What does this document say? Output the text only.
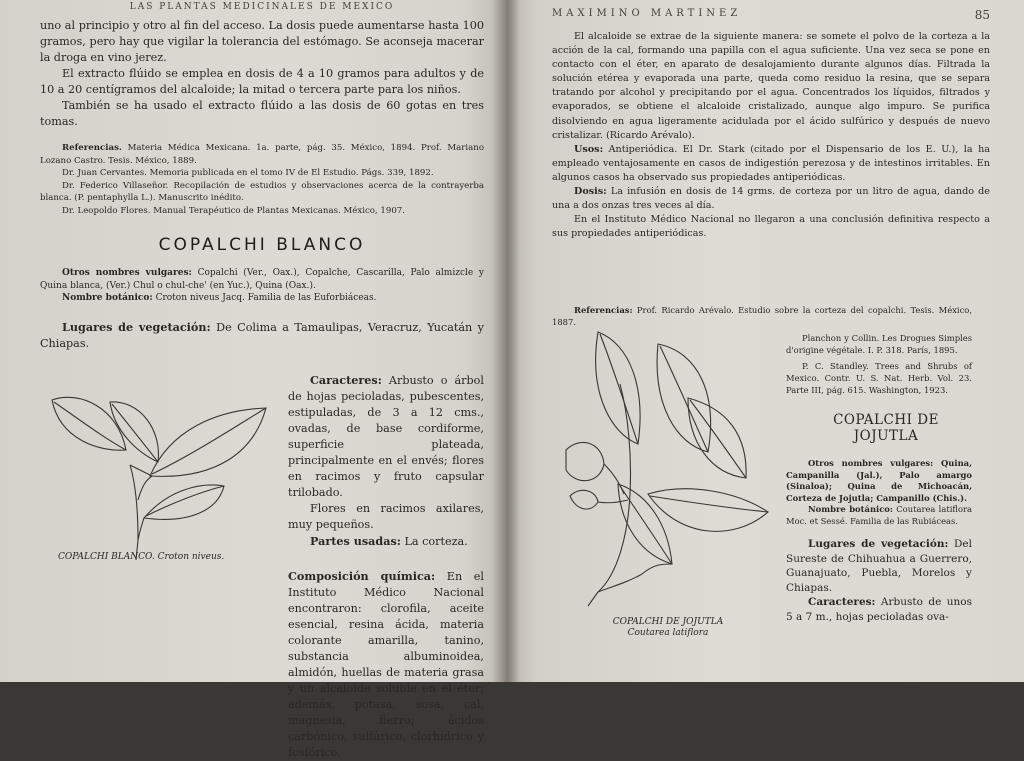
LAS PLANTAS MEDICINALES DE MEXICO

uno al principio y otro al fin del acceso. La dosis puede aumentarse hasta 100 gramos, pero hay que vigilar la tolerancia del estómago. Se aconseja macerar la droga en vino jerez.

El extracto flúido se emplea en dosis de 4 a 10 gramos para adultos y de 10 a 20 centígramos del alcaloide; la mitad o tercera parte para los niños.

También se ha usado el extracto flúido a las dosis de 60 gotas en tres tomas.

Referencias. Materia Médica Mexicana. 1a. parte, pág. 35. México, 1894. Prof. Mariano Lozano Castro. Tesis. México, 1889.

Dr. Juan Cervantes. Memoria publicada en el tomo IV de El Estudio. Págs. 339, 1892.

Dr. Federico Villaseñor. Recopilación de estudios y observaciones acerca de la contrayerba blanca. (P. pentaphylla L.). Manuscrito inédito.

Dr. Leopoldo Flores. Manual Terapéutico de Plantas Mexicanas. México, 1907.

COPALCHI BLANCO

Otros nombres vulgares: Copalchi (Ver., Oax.), Copalche, Cascarilla, Palo almizcle y Quina blanca, (Ver.) Chul o chul-che' (en Yuc.), Quina (Oax.).

Nombre botánico: Croton niveus Jacq. Familia de las Euforbiáceas.

Lugares de vegetación: De Colima a Tamaulipas, Veracruz, Yucatán y Chiapas.

COPALCHI BLANCO. Croton niveus.

Caracteres: Arbusto o árbol de hojas pecioladas, pubescentes, estipuladas, de 3 a 12 cms., ovadas, de base cordiforme, superficie plateada, principalmente en el envés; flores en racimos y fruto capsular trilobado.

Flores en racimos axilares, muy pequeños.

Partes usadas: La corteza.

Composición química: En el Instituto Médico Nacional encontraron: clorofila, aceite esencial, resina ácida, materia colorante amarilla, tanino, substancia albuminoidea, almidón, huellas de materia grasa y un alcaloide soluble en el éter; además, potasa, sosa, cal, magnesia, fierro; ácidos carbónico, sulfúrico, clorhídrico y fosfórico.

MAXIMINO MARTINEZ	85

El alcaloide se extrae de la siguiente manera: se somete el polvo de la corteza a la acción de la cal, formando una papilla con el agua suficiente. Una vez seca se pone en contacto con el éter, en aparato de desalojamiento durante algunos días. Filtrada la solución etérea y evaporada una parte, queda como residuo la resina, que se separa tratando por alcohol y precipitando por el agua. Concentrados los líquidos, filtrados y evaporados, se obtiene el alcaloide cristalizado, aunque algo impuro. Se purifica disolviendo en agua ligeramente acidulada por el ácido sulfúrico y después de nuevo cristalizar. (Ricardo Arévalo).

Usos: Antiperiódica. El Dr. Stark (citado por el Dispensario de los E. U.), la ha empleado ventajosamente en casos de indigestión perezosa y de intestinos irritables. En algunos casos ha observado sus propiedades antiperiódicas.

Dosis: La infusión en dosis de 14 grms. de corteza por un litro de agua, dando de una a dos onzas tres veces al día.

En el Instituto Médico Nacional no llegaron a una conclusión definitiva respecto a sus propiedades antiperiódicas.

Referencias: Prof. Ricardo Arévalo. Estudio sobre la corteza del copalchi. Tesis. México, 1887.

Planchon y Collin. Les Drogues Simples d'origine végétale. I. P. 318. París, 1895.

P. C. Standley. Trees and Shrubs of Mexico. Contr. U. S. Nat. Herb. Vol. 23. Parte III, pág. 615. Washington, 1923.

COPALCHI DE JOJUTLA
Coutarea latiflora
COPALCHI DE
JOJUTLA

Otros nombres vulgares: Quina, Campanilla (Jal.), Palo amargo (Sinaloa); Quina de Michoacán, Corteza de Jojutla; Campanillo (Chis.).

Nombre botánico: Coutarea latiflora Moc. et Sessé. Familia de las Rubiáceas.

Lugares de vegetación: Del Sureste de Chihuahua a Guerrero, Guanajuato, Puebla, Morelos y Chiapas.

Caracteres: Arbusto de unos 5 a 7 m., hojas pecioladas ova-
